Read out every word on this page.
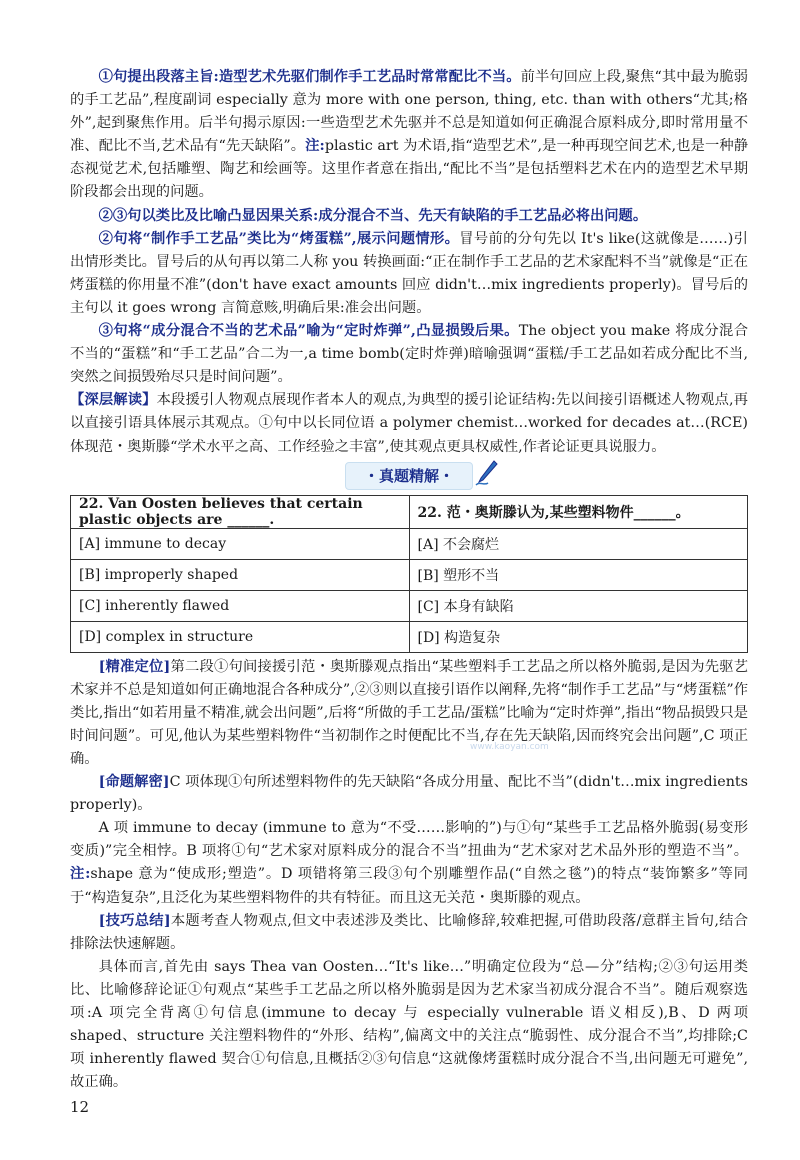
①句提出段落主旨:造型艺术先驱们制作手工艺品时常常配比不当。前半句回应上段,聚焦“其中最为脆弱的手工艺品”,程度副词 especially 意为 more with one person, thing, etc. than with others“尤其;格外”,起到聚焦作用。后半句揭示原因:一些造型艺术先驱并不总是知道如何正确混合原料成分,即时常用量不准、配比不当,艺术品有“先天缺陷”。注:plastic art 为术语,指“造型艺术”,是一种再现空间艺术,也是一种静态视觉艺术,包括雕塑、陶艺和绘画等。这里作者意在指出,“配比不当”是包括塑料艺术在内的造型艺术早期阶段都会出现的问题。

②③句以类比及比喻凸显因果关系:成分混合不当、先天有缺陷的手工艺品必将出问题。

②句将“制作手工艺品”类比为“烤蛋糕”,展示问题情形。冒号前的分句先以 It's like(这就像是……)引出情形类比。冒号后的从句再以第二人称 you 转换画面:“正在制作手工艺品的艺术家配料不当”就像是“正在烤蛋糕的你用量不准”(don't have exact amounts 回应 didn't…mix ingredients properly)。冒号后的主句以 it goes wrong 言简意赅,明确后果:准会出问题。

③句将“成分混合不当的艺术品”喻为“定时炸弹”,凸显损毁后果。The object you make 将成分混合不当的“蛋糕”和“手工艺品”合二为一,a time bomb(定时炸弹)暗喻强调“蛋糕/手工艺品如若成分配比不当,突然之间损毁殆尽只是时间问题”。

【深层解读】本段援引人物观点展现作者本人的观点,为典型的援引论证结构:先以间接引语概述人物观点,再以直接引语具体展示其观点。①句中以长同位语 a polymer chemist…worked for decades at…(RCE)体现范・奥斯滕“学术水平之高、工作经验之丰富”,使其观点更具权威性,作者论证更具说服力。

・真题精解・
22. Van Oosten believes that certain plastic objects are ______.	22. 范・奥斯滕认为,某些塑料物件______。
[A] immune to decay	[A] 不会腐烂
[B] improperly shaped	[B] 塑形不当
[C] inherently flawed	[C] 本身有缺陷
[D] complex in structure	[D] 构造复杂

[精准定位]第二段①句间接援引范・奥斯滕观点指出“某些塑料手工艺品之所以格外脆弱,是因为先驱艺术家并不总是知道如何正确地混合各种成分”,②③则以直接引语作以阐释,先将“制作手工艺品”与“烤蛋糕”作类比,指出“如若用量不精准,就会出问题”,后将“所做的手工艺品/蛋糕”比喻为“定时炸弹”,指出“物品损毁只是时间问题”。可见,他认为某些塑料物件“当初制作之时便配比不当,存在先天缺陷,因而终究会出问题”,C 项正确。

[命题解密]C 项体现①句所述塑料物件的先天缺陷“各成分用量、配比不当”(didn't…mix ingredients properly)。

A 项 immune to decay (immune to 意为“不受……影响的”)与①句“某些手工艺品格外脆弱(易变形变质)”完全相悖。B 项将①句“艺术家对原料成分的混合不当”扭曲为“艺术家对艺术品外形的塑造不当”。注:shape 意为“使成形;塑造”。D 项错将第三段③句个别雕塑作品(“自然之毯”)的特点“装饰繁多”等同于“构造复杂”,且泛化为某些塑料物件的共有特征。而且这无关范・奥斯滕的观点。

[技巧总结]本题考查人物观点,但文中表述涉及类比、比喻修辞,较难把握,可借助段落/意群主旨句,结合排除法快速解题。

具体而言,首先由 says Thea van Oosten…“It's like…”明确定位段为“总—分”结构;②③句运用类比、比喻修辞论证①句观点“某些手工艺品之所以格外脆弱是因为艺术家当初成分混合不当”。随后观察选项:A 项完全背离①句信息(immune to decay 与 especially vulnerable 语义相反),B、D 两项 shaped、structure 关注塑料物件的“外形、结构”,偏离文中的关注点“脆弱性、成分混合不当”,均排除;C 项 inherently flawed 契合①句信息,且概括②③句信息“这就像烤蛋糕时成分混合不当,出问题无可避免”,故正确。

www.kaoyan.com
12
